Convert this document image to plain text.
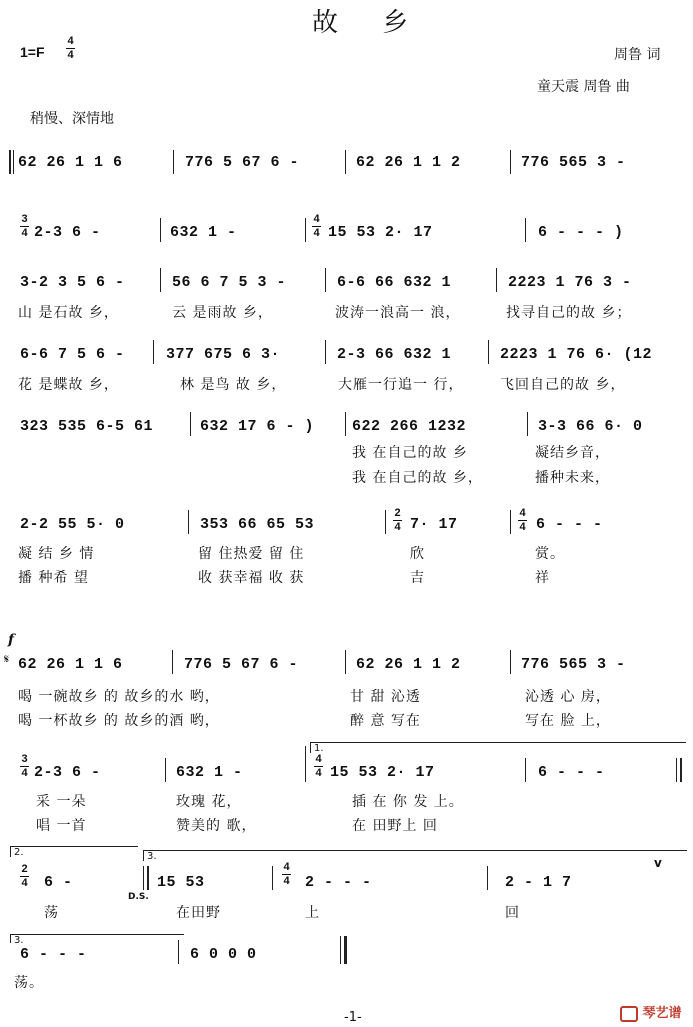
故 乡
1=F
4
4	周鲁 词
童天震 周鲁 曲
稍慢、深情地
62 26 1 1 6	776 5 67 6 -	62 26 1 1 2	776 565 3 -
3
4 2-3 6 -	632 1 -
4
4 15 53 2· 17	6 - - - )
3-2 3 5 6 -	56 6 7 5 3 -	6-6 66 632 1	2223 1 76 3 -
山 是石故 乡，	云 是雨故 乡，	波涛一浪高一 浪，	找寻自己的故 乡；
6-6 7 5 6 -	377 675 6 3·	2-3 66 632 1	2223 1 76 6· (12
花 是蝶故 乡，	林 是鸟 故 乡，	大雁一行追一 行，	飞回自己的故 乡，
323 535 6-5 61	632 17 6 - )	622 266 1232	3-3 66 6· 0
我 在自己的故 乡	凝结乡音，
我 在自己的故 乡，	播种未来，
2-2 55 5· 0	353 66 65 53
2
4 7· 17
4
4 6 - - -
凝 结 乡 情	留 住热爱 留 住	欣	赏。
播 种希 望	收 获幸福 收 获	吉	祥
f
𝄋 62 26 1 1 6	776 5 67 6 -	62 26 1 1 2	776 565 3 -
喝 一碗故乡 的 故乡的水 哟，	甘 甜 沁透	沁透 心 房，
喝 一杯故乡 的 故乡的酒 哟，	醉 意 写在	写在 脸 上，
3
4 2-3 6 -	632 1 -
1.
4
4 15 53 2· 17	6 - - -
采 一朵	玫瑰 花，	插 在 你 发 上。
唱 一首	赞美的 歌，	在 田野上 回
2.	3.
2
4 6 -
D.S.
15 53
4
4 2 - - -	2 - 1 7
v
荡	在田野	上	回
3.
6 - - -	6 0 0 0
荡。
-1-	琴艺谱
